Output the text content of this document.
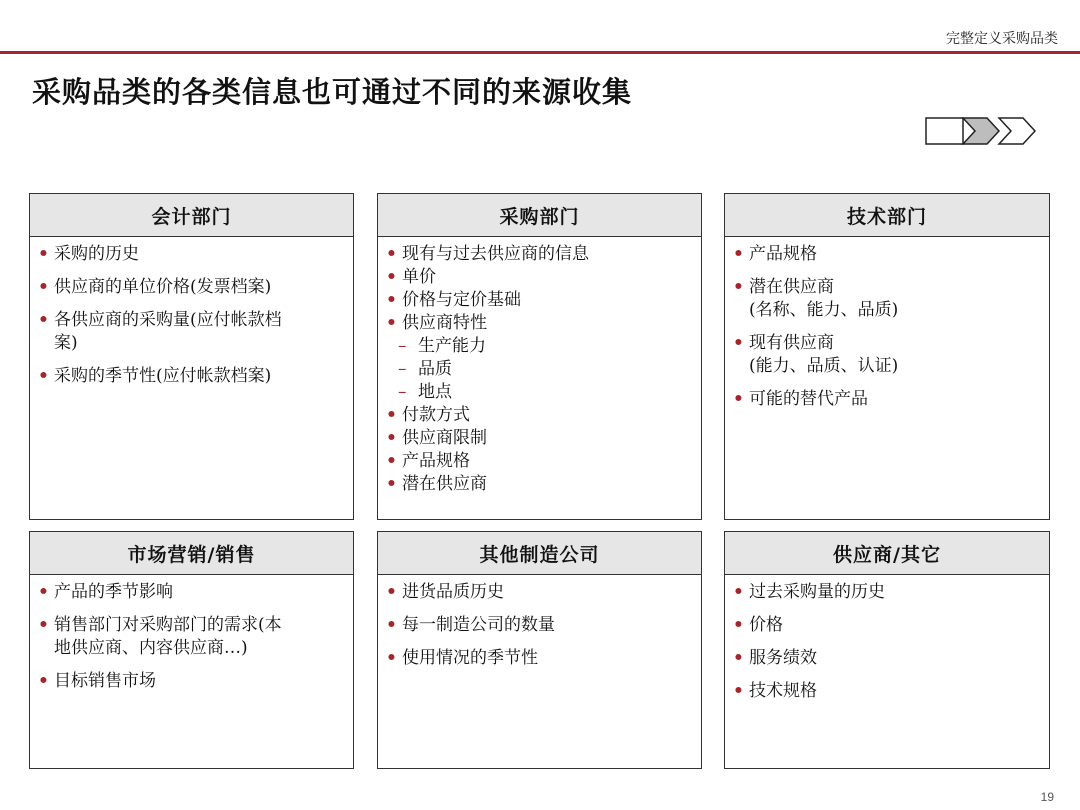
完整定义采购品类
采购品类的各类信息也可通过不同的来源收集
会计部门
• 采购的历史
• 供应商的单位价格(发票档案)
• 各供应商的采购量(应付帐款档
案)
• 采购的季节性(应付帐款档案)
采购部门
• 现有与过去供应商的信息
• 单价
• 价格与定价基础
• 供应商特性
– 生产能力
– 品质
– 地点
• 付款方式
• 供应商限制
• 产品规格
• 潜在供应商
技术部门
• 产品规格
• 潜在供应商
(名称、能力、品质)
• 现有供应商
(能力、品质、认证)
• 可能的替代产品
市场营销/销售
• 产品的季节影响
• 销售部门对采购部门的需求(本
地供应商、内容供应商…)
• 目标销售市场
其他制造公司
• 进货品质历史
• 每一制造公司的数量
• 使用情况的季节性
供应商/其它
• 过去采购量的历史
• 价格
• 服务绩效
• 技术规格
19
